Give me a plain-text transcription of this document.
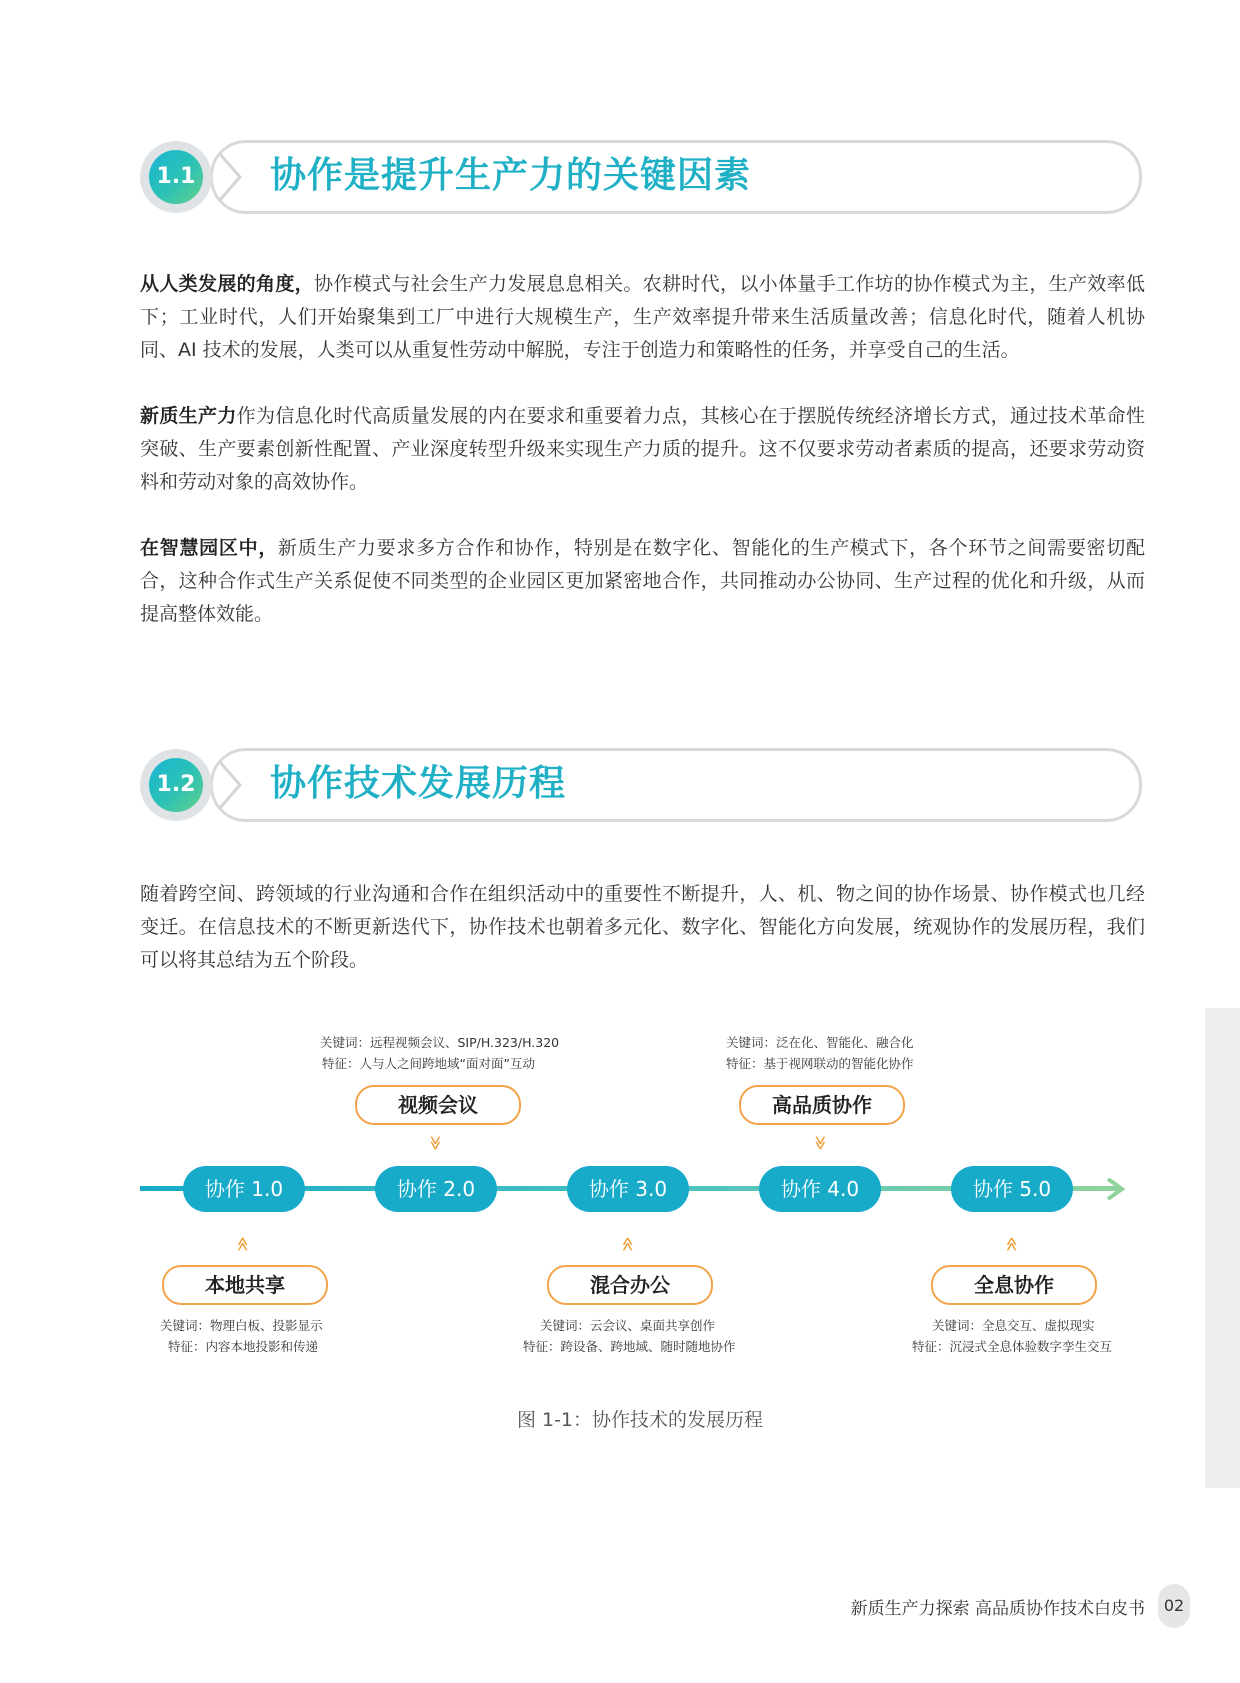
1.1 协作是提升生产力的关键因素

从人类发展的角度，协作模式与社会生产力发展息息相关。农耕时代，以小体量手工作坊的协作模式为主，生产效率低下；工业时代，人们开始聚集到工厂中进行大规模生产，生产效率提升带来生活质量改善；信息化时代，随着人机协同、AI 技术的发展，人类可以从重复性劳动中解脱，专注于创造力和策略性的任务，并享受自己的生活。

新质生产力作为信息化时代高质量发展的内在要求和重要着力点，其核心在于摆脱传统经济增长方式，通过技术革命性突破、生产要素创新性配置、产业深度转型升级来实现生产力质的提升。这不仅要求劳动者素质的提高，还要求劳动资料和劳动对象的高效协作。

在智慧园区中，新质生产力要求多方合作和协作，特别是在数字化、智能化的生产模式下，各个环节之间需要密切配合，这种合作式生产关系促使不同类型的企业园区更加紧密地合作，共同推动办公协同、生产过程的优化和升级，从而提高整体效能。

1.2 协作技术发展历程

随着跨空间、跨领域的行业沟通和合作在组织活动中的重要性不断提升，人、机、物之间的协作场景、协作模式也几经变迁。在信息技术的不断更新迭代下，协作技术也朝着多元化、数字化、智能化方向发展，统观协作的发展历程，我们可以将其总结为五个阶段。

关键词：物理白板、投影显示
特征：内容本地投影和传递
本地共享
≫
协作 1.0
关键词：远程视频会议、SIP/H.323/H.320
特征：人与人之间跨地域“面对面”互动
视频会议
≫
协作 2.0
关键词：云会议、桌面共享创作
特征：跨设备、跨地域、随时随地协作
混合办公
≫
协作 3.0
关键词：泛在化、智能化、融合化
特征：基于视网联动的智能化协作
高品质协作
≫
协作 4.0
关键词：全息交互、虚拟现实
特征：沉浸式全息体验数字孪生交互
全息协作
≫
协作 5.0
图 1-1：协作技术的发展历程
新质生产力探索 高品质协作技术白皮书	02
